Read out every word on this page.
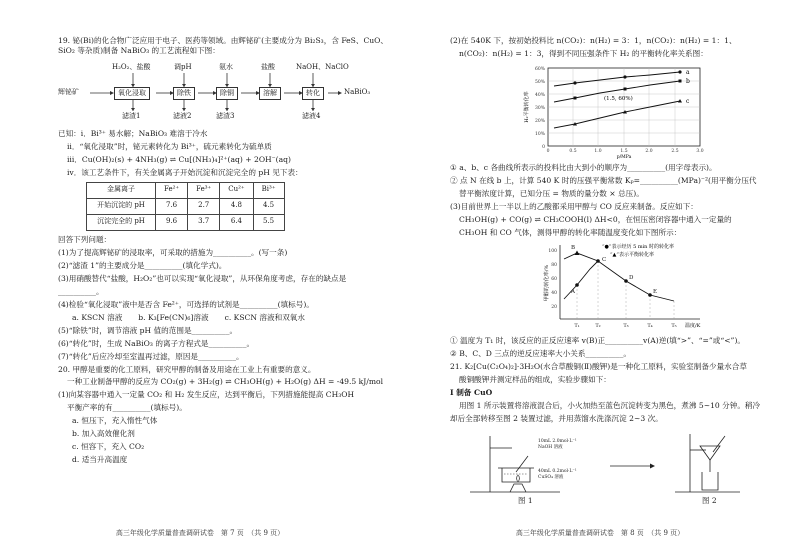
19. 铋(Bi)的化合物广泛应用于电子、医药等领域。由辉铋矿(主要成分为 Bi₂S₃，含 FeS、CuO、SiO₂ 等杂质)制备 NaBiO₃ 的工艺流程如下图：

辉铋矿	氧化浸取	除铁	除铜	溶解	转化	NaBiO₃
H₂O₂、盐酸	调pH	氨水	盐酸	NaOH、NaClO
滤渣1	滤液2	滤渣3	滤液4

已知：ⅰ．Bi³⁺ 易水解；NaBiO₃ 难溶于冷水

ⅱ．“氧化浸取”时，铋元素转化为 Bi³⁺，硫元素转化为硫单质

ⅲ．Cu(OH)₂(s) + 4NH₃(g) ⇌ Cu[(NH₃)₄]²⁺(aq) + 2OH⁻(aq)

ⅳ．该工艺条件下，有关金属离子开始沉淀和沉淀完全的 pH 见下表：

金属离子	Fe²⁺	Fe³⁺	Cu²⁺	Bi³⁺
开始沉淀的 pH	7.6	2.7	4.8	4.5
沉淀完全的 pH	9.6	3.7	6.4	5.5

回答下列问题：

(1)为了提高辉铋矿的浸取率，可采取的措施为__________。(写一条)

(2)“滤渣 1”的主要成分是__________(填化学式)。

(3)用硝酸替代“盐酸，H₂O₂”也可以实现“氧化浸取”，从环保角度考虑，存在的缺点是

__________。

(4)检验“氧化浸取”液中是否含 Fe²⁺，可选择的试剂是__________(填标号)。

a. KSCN 溶液 b. K₃[Fe(CN)₆]溶液 c. KSCN 溶液和双氧水

(5)“除铁”时，调节溶液 pH 值的范围是__________。

(6)“转化”时，生成 NaBiO₃ 的离子方程式是__________。

(7)“转化”后应冷却至室温再过滤，原因是__________。

20. 甲醇是重要的化工原料，研究甲醇的制备及用途在工业上有重要的意义。

一种工业制备甲醇的反应为 CO₂(g) + 3H₂(g) ⇌ CH₃OH(g) + H₂O(g) ΔH = -49.5 kJ/mol

(1)向某容器中通入一定量 CO₂ 和 H₂ 发生反应，达到平衡后，下列措施能提高 CH₃OH

平衡产率的有__________(填标号)。

a. 恒压下，充入惰性气体

b. 加入高效催化剂

c. 恒容下，充入 CO₂

d. 适当升高温度

高三年级化学质量普查调研试卷　第 7 页　（共 9 页）

(2)在 540K 下，按初始投料比 n(CO₂)：n(H₂) = 3：1，n(CO₂)：n(H₂) = 1：1、

n(CO₂)：n(H₂) = 1：3，得到不同压强条件下 H₂ 的平衡转化率关系图：

(1.5, 60%)
a
b
c
0
10%
20%
30%
40%
50%
60%
0	0.5	1.0	1.5	2.0	2.5	3.0
p/MPa
H₂平衡转化率

① a、b、c 各曲线所表示的投料比由大到小的顺序为__________(用字母表示)。

② 点 N 在线 b 上，计算 540 K 时的压强平衡常数 Kₚ=__________(MPa)⁻²(用平衡分压代

替平衡浓度计算，已知分压 = 物质的量分数 × 总压)。

(3)目前世界上一半以上的乙酸都采用甲醇与 CO 反应来制备。反应如下：

CH₃OH(g) + CO(g) ⇌ CH₃COOH(l) ΔH<0，在恒压密闭容器中通入一定量的

CH₃OH 和 CO 气体，测得甲醇的转化率随温度变化如下图所示：

A
B
C
D
E
“●”表示经历 5 min 时的转化率
“▲”表示平衡转化率
20
40
60
80
100
T₁	T₂	T₃	T₄	T₅ 温度/K
甲醇的转化率/%

① 温度为 T₁ 时，该反应的正反应速率 v(B)正__________v(A)逆(填“>”、“=”或“<”)。

② B、C、D 三点的逆反应速率大小关系__________。

21. K₂[Cu(C₂O₄)₂]·3H₂O(水合草酸铜(Ⅱ)酸钾)是一种化工原料，实验室制备少量水合草

酸铜酸钾并测定样品的组成，实验步骤如下：

Ⅰ 制备 CuO

用图 1 所示装置将溶液混合后，小火加热至蓝色沉淀转变为黑色，煮沸 5~10 分钟。稍冷

却后全部转移至图 2 装置过滤，并用蒸馏水洗涤沉淀 2~3 次。

10mL 2.0mol·L⁻¹
NaOH 溶液
40mL 0.2mol·L⁻¹
CuSO₄ 溶液
图 1	图 2
高三年级化学质量普查调研试卷　第 8 页　（共 9 页）
